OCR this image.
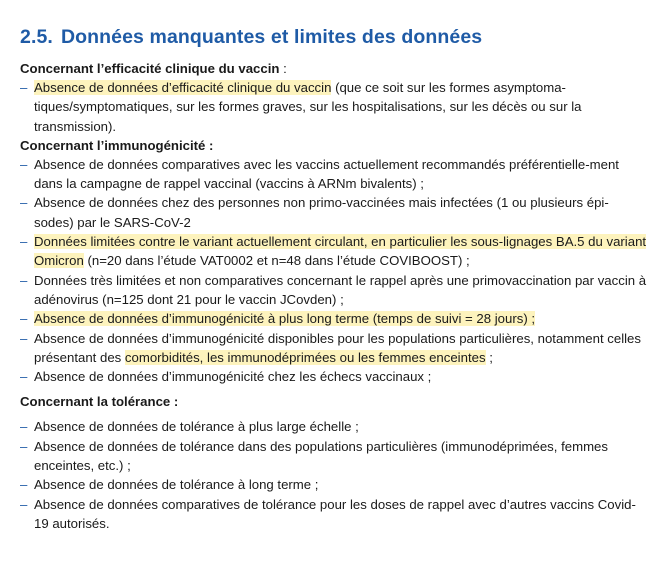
2.5. Données manquantes et limites des données

Concernant l’efficacité clinique du vaccin :

– Absence de données d’efficacité clinique du vaccin (que ce soit sur les formes asymptoma-tiques/symptomatiques, sur les formes graves, sur les hospitalisations, sur les décès ou sur la transmission).

Concernant l’immunogénicité :

– Absence de données comparatives avec les vaccins actuellement recommandés préférentielle-ment dans la campagne de rappel vaccinal (vaccins à ARNm bivalents) ;
– Absence de données chez des personnes non primo-vaccinées mais infectées (1 ou plusieurs épi-sodes) par le SARS-CoV-2
– Données limitées contre le variant actuellement circulant, en particulier les sous-lignages BA.5 du variant Omicron (n=20 dans l’étude VAT0002 et n=48 dans l’étude COVIBOOST) ;
– Données très limitées et non comparatives concernant le rappel après une primovaccination par vaccin à adénovirus (n=125 dont 21 pour le vaccin JCovden) ;
– Absence de données d’immunogénicité à plus long terme (temps de suivi = 28 jours) ;
– Absence de données d’immunogénicité disponibles pour les populations particulières, notamment celles présentant des comorbidités, les immunodéprimées ou les femmes enceintes ;
– Absence de données d’immunogénicité chez les échecs vaccinaux ;

Concernant la tolérance :

– Absence de données de tolérance à plus large échelle ;
– Absence de données de tolérance dans des populations particulières (immunodéprimées, femmes enceintes, etc.) ;
– Absence de données de tolérance à long terme ;
– Absence de données comparatives de tolérance pour les doses de rappel avec d’autres vaccins Covid-19 autorisés.
